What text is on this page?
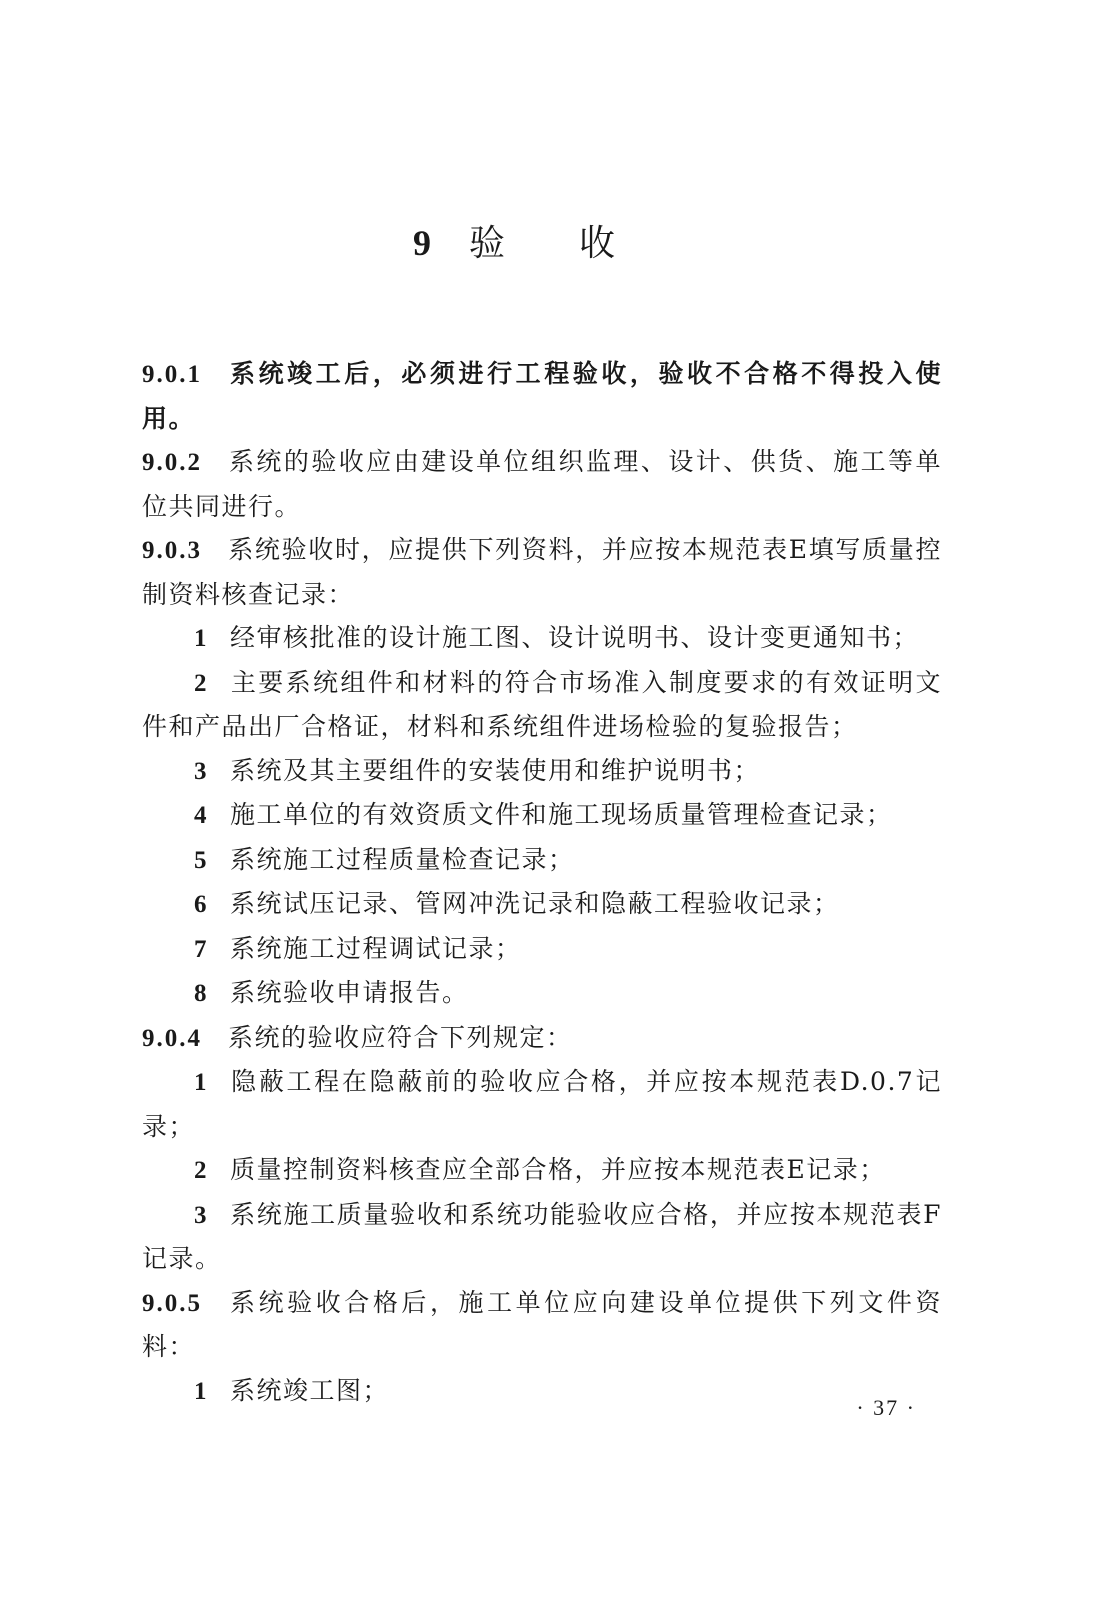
9 验收

9.0.1 系统竣工后，必须进行工程验收，验收不合格不得投入使用。

9.0.2 系统的验收应由建设单位组织监理、设计、供货、施工等单位共同进行。

9.0.3 系统验收时，应提供下列资料，并应按本规范表E填写质量控制资料核查记录：

1 经审核批准的设计施工图、设计说明书、设计变更通知书；

2 主要系统组件和材料的符合市场准入制度要求的有效证明文件和产品出厂合格证，材料和系统组件进场检验的复验报告；

3 系统及其主要组件的安装使用和维护说明书；

4 施工单位的有效资质文件和施工现场质量管理检查记录；

5 系统施工过程质量检查记录；

6 系统试压记录、管网冲洗记录和隐蔽工程验收记录；

7 系统施工过程调试记录；

8 系统验收申请报告。

9.0.4 系统的验收应符合下列规定：

1 隐蔽工程在隐蔽前的验收应合格，并应按本规范表D.0.7记录；

2 质量控制资料核查应全部合格，并应按本规范表E记录；

3 系统施工质量验收和系统功能验收应合格，并应按本规范表F记录。

9.0.5 系统验收合格后，施工单位应向建设单位提供下列文件资料：

1 系统竣工图；

· 37 ·
